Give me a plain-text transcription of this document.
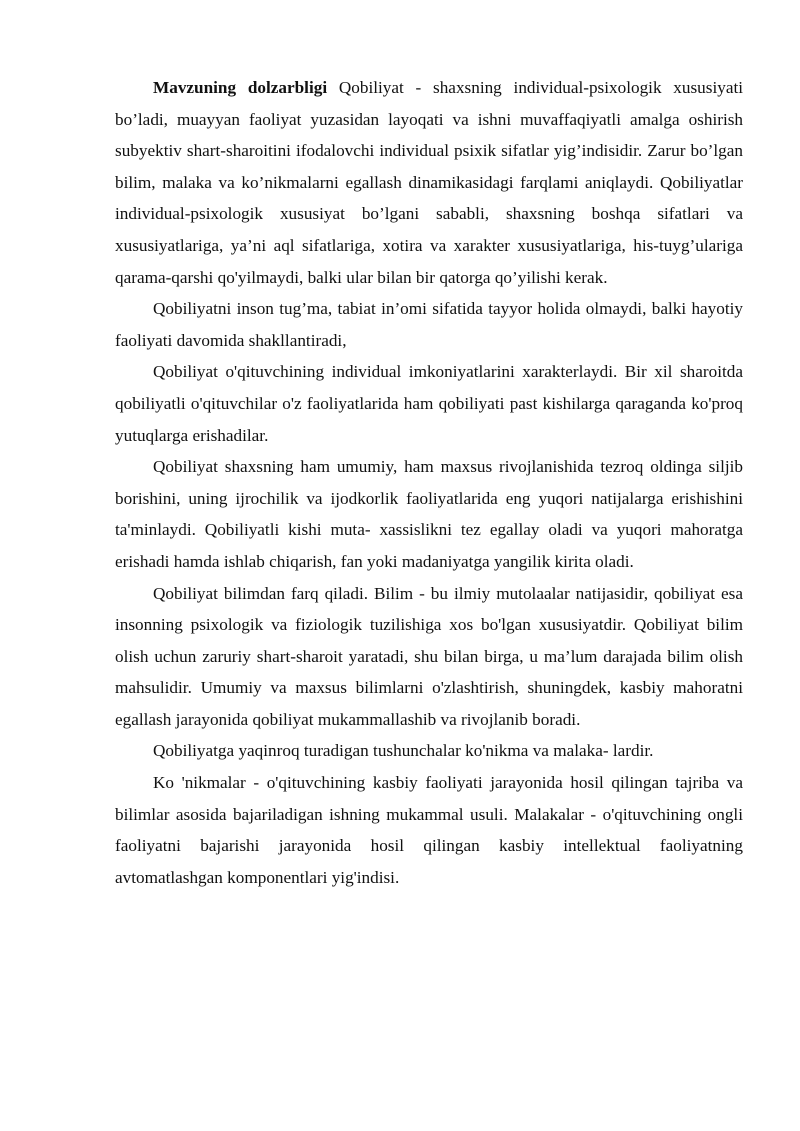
Mavzuning dolzarbligi Qobiliyat - shaxsning individual-psixologik xususiyati bo’ladi, muayyan faoliyat yuzasidan layoqati va ishni muvaffaqiyatli amalga oshirish subyektiv shart-sharoitini ifodalovchi individual psixik sifatlar yig’indisidir. Zarur bo’lgan bilim, malaka va ko’nikmalarni egallash dinamikasidagi farqlami aniqlaydi. Qobiliyatlar individual-psixologik xususiyat bo’lgani sababli, shaxsning boshqa sifatlari va xususiyatlariga, ya’ni aql sifatlariga, xotira va xarakter xususiyatlariga, his-tuyg’ulariga qarama-qarshi qo'yilmaydi, balki ular bilan bir qatorga qo’yilishi kerak.

Qobiliyatni inson tug’ma, tabiat in’omi sifatida tayyor holida olmaydi, balki hayotiy faoliyati davomida shakllantiradi,

Qobiliyat o'qituvchining individual imkoniyatlarini xarakterlaydi. Bir xil sharoitda qobiliyatli o'qituvchilar o'z faoliyatlarida ham qobiliyati past kishilarga qaraganda ko'proq yutuqlarga erishadilar.

Qobiliyat shaxsning ham umumiy, ham maxsus rivojlanishida tezroq oldinga siljib borishini, uning ijrochilik va ijodkorlik faoliyatlarida eng yuqori natijalarga erishishini ta'minlaydi. Qobiliyatli kishi muta- xassislikni tez egallay oladi va yuqori mahoratga erishadi hamda ishlab chiqarish, fan yoki madaniyatga yangilik kirita oladi.

Qobiliyat bilimdan farq qiladi. Bilim - bu ilmiy mutolaalar natijasidir, qobiliyat esa insonning psixologik va fiziologik tuzilishiga xos bo'lgan xususiyatdir. Qobiliyat bilim olish uchun zaruriy shart-sharoit yaratadi, shu bilan birga, u ma’lum darajada bilim olish mahsulidir. Umumiy va maxsus bilimlarni o'zlashtirish, shuningdek, kasbiy mahoratni egallash jarayonida qobiliyat mukammallashib va rivojlanib boradi.

Qobiliyatga yaqinroq turadigan tushunchalar ko'nikma va malaka- lardir.

Ko 'nikmalar - o'qituvchining kasbiy faoliyati jarayonida hosil qilingan tajriba va bilimlar asosida bajariladigan ishning mukammal usuli. Malakalar - o'qituvchining ongli faoliyatni bajarishi jarayonida hosil qilingan kasbiy intellektual faoliyatning avtomatlashgan komponentlari yig'indisi.
